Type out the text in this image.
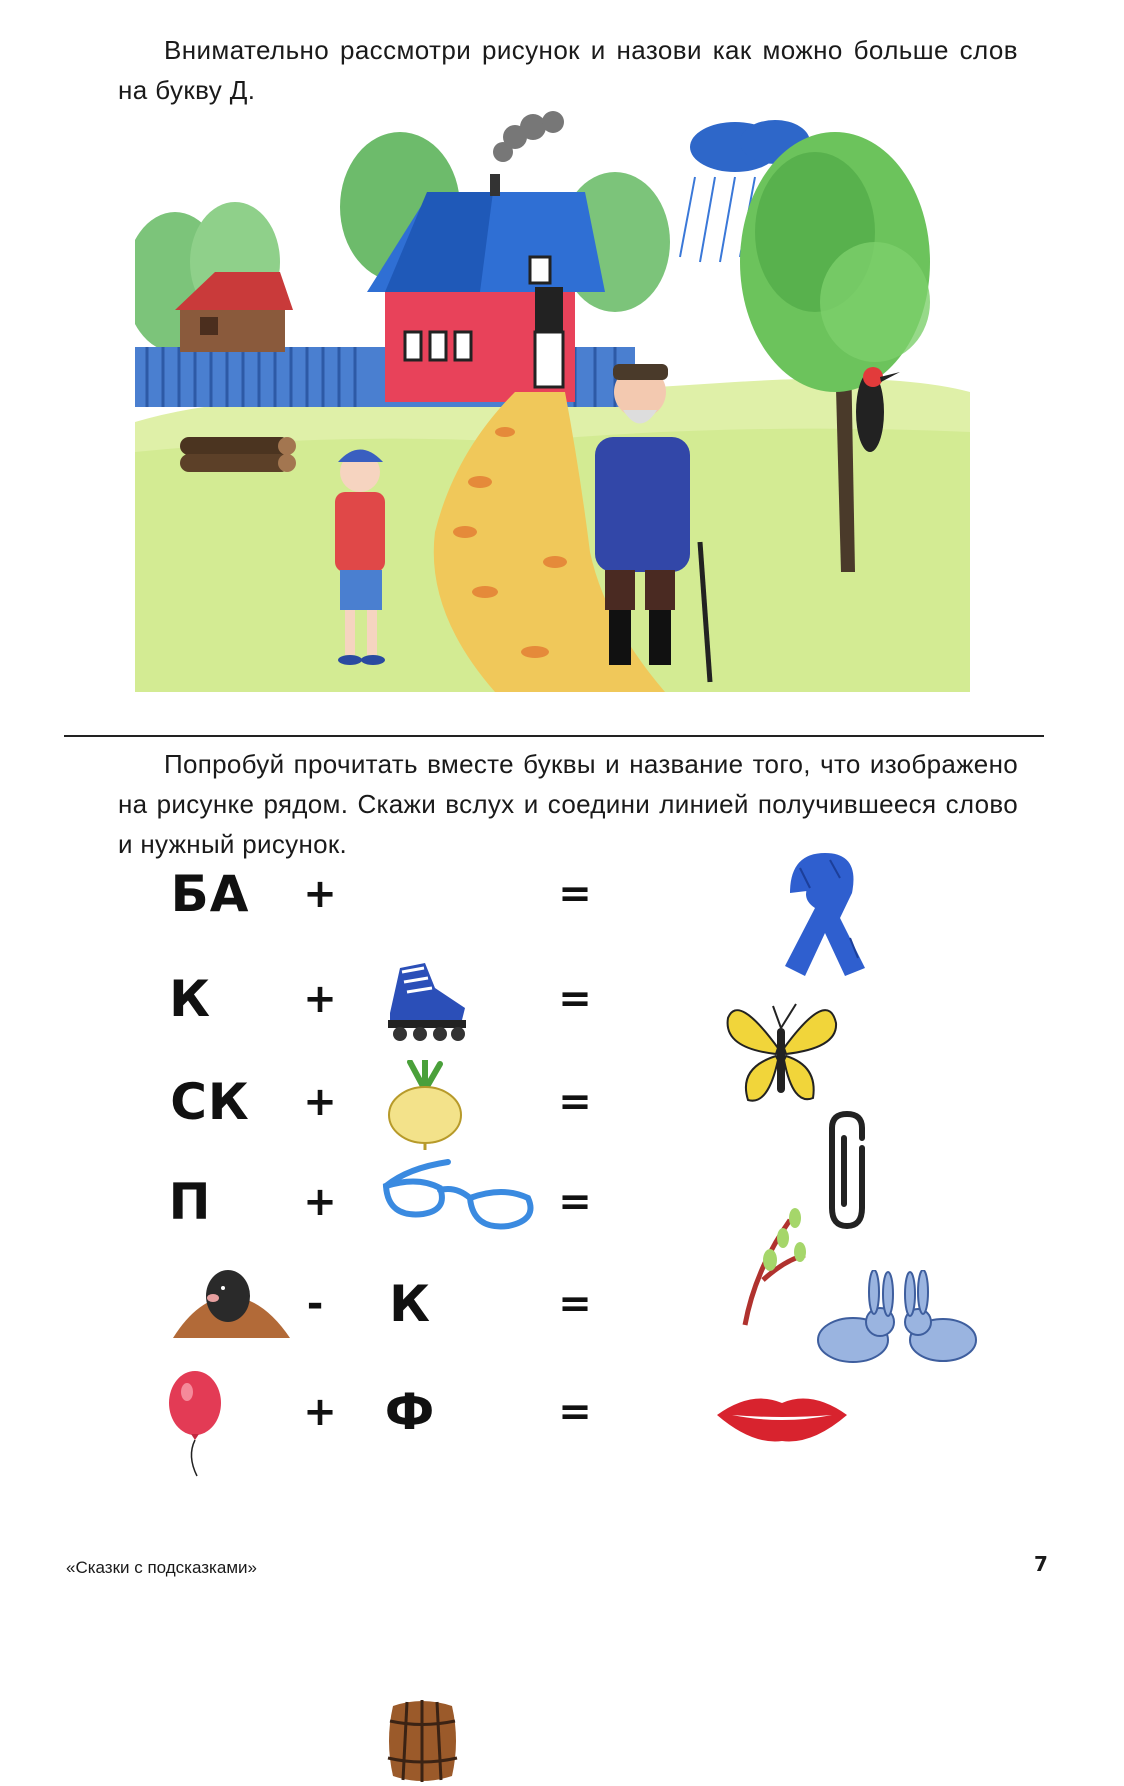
Внимательно рассмотри рисунок и назови как можно больше слов на букву Д.

Попробуй прочитать вместе буквы и название того, что изображено на рисунке рядом. Скажи вслух и соедини линией получившееся слово и нужный рисунок.

БА +	=
К +	=
СК +	=
П +	=
- К	=
+ Ф	=
«Сказки с подсказками»	7
